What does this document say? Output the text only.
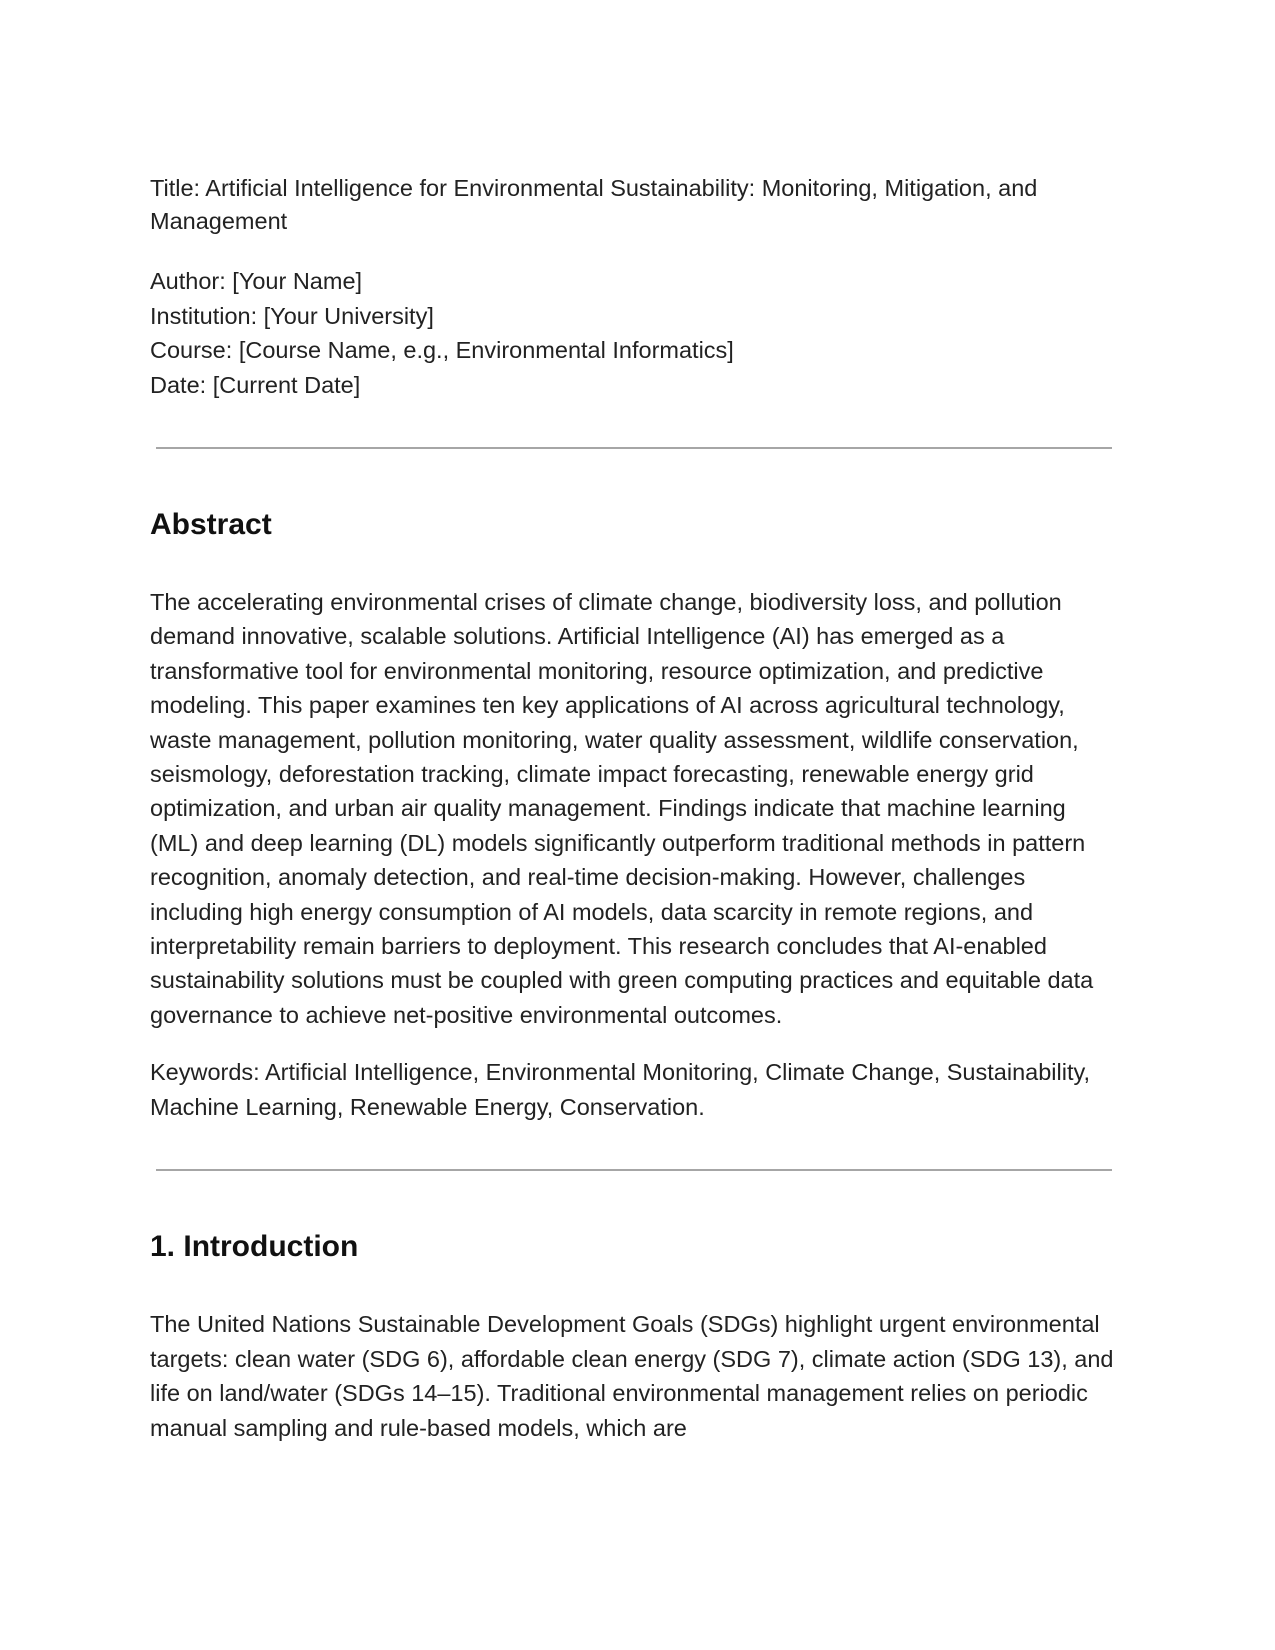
Title: Artificial Intelligence for Environmental Sustainability: Monitoring, Mitigation, and Management

Author: [Your Name]
Institution: [Your University]
Course: [Course Name, e.g., Environmental Informatics]
Date: [Current Date]
Abstract

The accelerating environmental crises of climate change, biodiversity loss, and pollution demand innovative, scalable solutions. Artificial Intelligence (AI) has emerged as a transformative tool for environmental monitoring, resource optimization, and predictive modeling. This paper examines ten key applications of AI across agricultural technology, waste management, pollution monitoring, water quality assessment, wildlife conservation, seismology, deforestation tracking, climate impact forecasting, renewable energy grid optimization, and urban air quality management. Findings indicate that machine learning (ML) and deep learning (DL) models significantly outperform traditional methods in pattern recognition, anomaly detection, and real-time decision-making. However, challenges including high energy consumption of AI models, data scarcity in remote regions, and interpretability remain barriers to deployment. This research concludes that AI-enabled sustainability solutions must be coupled with green computing practices and equitable data governance to achieve net-positive environmental outcomes.

Keywords: Artificial Intelligence, Environmental Monitoring, Climate Change, Sustainability, Machine Learning, Renewable Energy, Conservation.

1. Introduction

The United Nations Sustainable Development Goals (SDGs) highlight urgent environmental targets: clean water (SDG 6), affordable clean energy (SDG 7), climate action (SDG 13), and life on land/water (SDGs 14–15). Traditional environmental management relies on periodic manual sampling and rule-based models, which are
